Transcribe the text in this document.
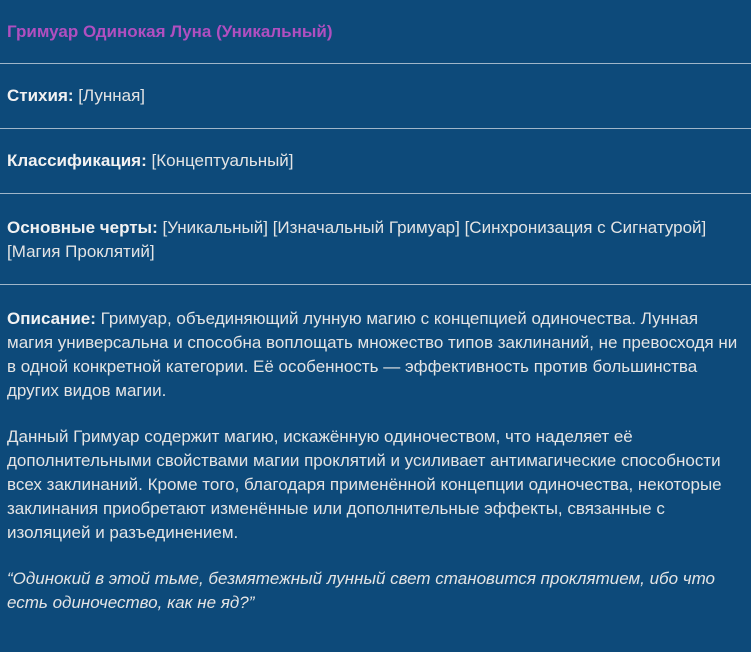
Гримуар Одинокая Луна (Уникальный)
Стихия: [Лунная]
Классификация: [Концептуальный]
Основные черты: [Уникальный] [Изначальный Гримуар] [Синхронизация с Сигнатурой] [Магия Проклятий]

Описание: Гримуар, объединяющий лунную магию с концепцией одиночества. Лунная магия универсальна и способна воплощать множество типов заклинаний, не превосходя ни в одной конкретной категории. Её особенность — эффективность против большинства других видов магии.

Данный Гримуар содержит магию, искажённую одиночеством, что наделяет её дополнительными свойствами магии проклятий и усиливает антимагические способности всех заклинаний. Кроме того, благодаря применённой концепции одиночества, некоторые заклинания приобретают изменённые или дополнительные эффекты, связанные с изоляцией и разъединением.

“Одинокий в этой тьме, безмятежный лунный свет становится проклятием, ибо что есть одиночество, как не яд?”
